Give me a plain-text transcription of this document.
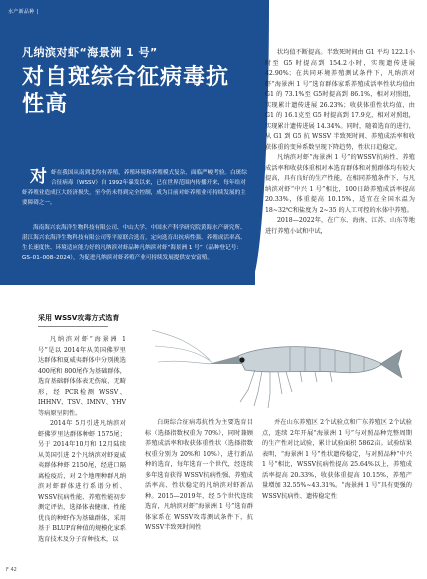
水产新品种 |
凡纳滨对虾“海景洲 1 号”
对自斑综合征病毒抗性高
对 虾在我国从南到北均有养殖，养殖环境和养殖模式复杂，面临严峻考验。白斑综合征病毒（WSSV）自 1992年暴发以来，已在世界范围内传播开来，每年给对虾养殖业造成巨大经济损失，至今仍未得到完全控制，成为目前对虾养殖业可持续发展的主要障碍之一。
海南海兴农海洋生物科技有限公司、中山大学、中国水产科学研究院黄海水产研究所、湛江海兴农海洋生物科技有限公司等平原联合选育，定向选育出抗病性强、养殖成活率高、生长速度快、环境适应能力好的凡纳滨对虾品种凡纳滨对虾“海景洲 1 号”（品种登记号：GS–01–008–2024），为促进凡纳滨对虾养殖产业可持续发展提供安安富殖。

状均值不断提高。半致死时间由 G1 平均 122.1小时至 G5 时提高到 154.2小时，实现遗传进展 42.90%；在共同环境养殖测试条件下，凡纳滨对虾“海景洲 1 号”选育群体家系养殖成活率性状均值由 G1 的 73.1%至 G5时提高到 86.1%，相对对照组，实现累计遗传进展 26.23%；收获体重性状均值，由 G1 的 16.1克至 G5 时提高到 17.9克，相对对照组，实现累计遗传进展 14.34%。同时，随着选育的进行，从 G1 到 G5 抗 WSSV 半致死时间、养殖成活率和收获体重的变异系数呈现下降趋势，性状日趋稳定。

凡纳滨对虾“海景洲 1 号”的WSSV抗病性、养殖成活率和收获体重相对本选育群体和对照群体均有较大提高，具有良好的生产性能，在相同养殖条件下，与凡纳滨对虾“中兴 1 号”相比，100日龄养殖成活率提高20.33%，体重提高 10.15%，适宜在全国水温为 18~32℃和盐度为 2~35 的人工可控的水体中养殖。

2018—2022年，在广东、海南、江苏、山东等地进行养殖小试和中试，

采用 WSSV攻毒方式选育

凡纳滨对虾“海景洲 1 号”是以 2014年从美国佛罗里达群体和夏威夷群体中分别挑选 400尾和 800尾作为基础群体，选育基础群体体表无伤痕、无畸形，经 PCR检测 WSSV、IHHNV、TSV、IMNV、YHV等病原呈阴性。

2014年 5月引进凡纳滨对虾佛罗里达群体种虾 1575尾；另于 2014年10月和 12月陆续从美国引进 2个凡纳滨对虾夏威夷群体种虾 2150尾，经进口隔离检疫后，对 2个地理种群凡纳滨对虾群体进行系谱分析、WSSV抗病性能、养殖性能初步测定评估，选择体表健康、性能优良的种虾作为基础群体，采用基于 BLUP育种值的规模化家系选育技术及分子育种技术，以

白斑综合征病毒抗性为主要选育目标（选择指数权重为 70%），同时兼顾养殖成活率和收获体重性状（选择指数权重分别为 20%和 10%），进行新品种的选育，每年选育一个世代，经连续多年选育获得 WSSV抗病性强、养殖成活率高、性状稳定的凡纳滨对虾新品种。2015—2019年，经 5个世代连续选育，凡纳滨对虾“海景洲 1 号”选育群体家系在 WSSV攻毒测试条件下，抗 WSSV半致死时间性

并在山东养殖区 2个试验点和广东养殖区 2个试验点，连续 2年开展“海景洲 1 号”与对照品种完整周期的生产性对比试验，累计试验面积 5862亩。试验结果表明，“海景洲 1 号”性状遗传稳定，与对照品种“中兴 1 号”相比，WSSV抗病性提高 25.64%以上，养殖成活率提高 20.33%，收获体重提高 10.15%，养殖产量增加 32.55%~43.31%。“海景洲 1 号”具有更强的 WSSV抗病性、遗传稳定性

F 42
